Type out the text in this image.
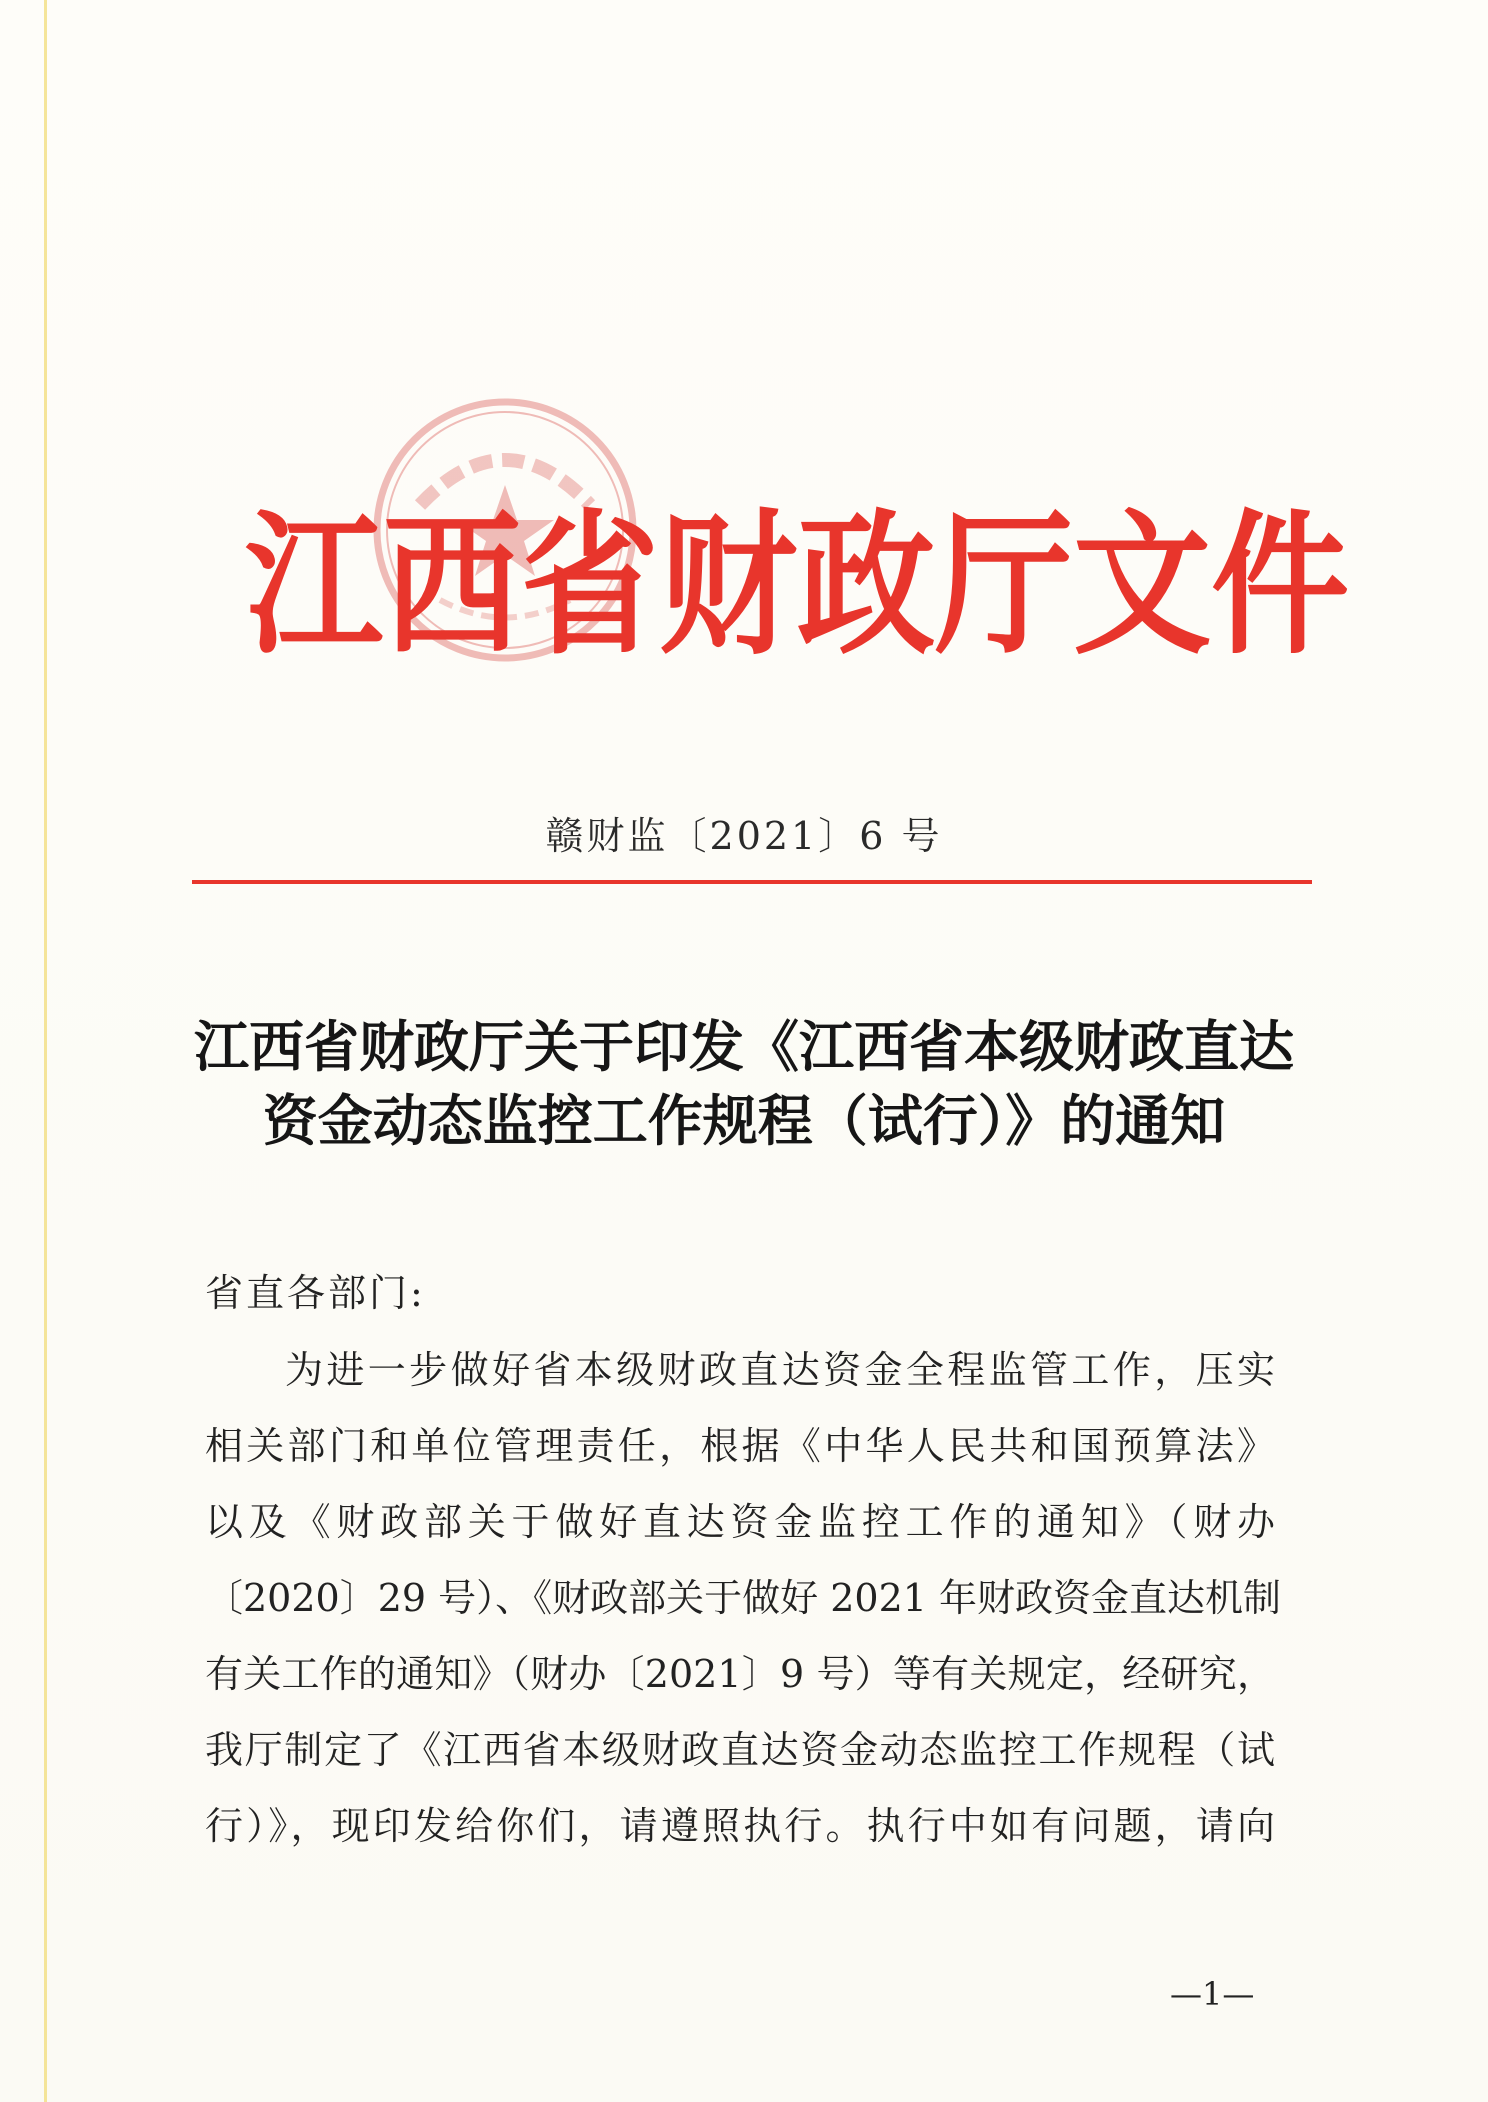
江 西 省 财 政 厅 文 件
赣财监〔2021〕6 号
江西省财政厅关于印发《江西省本级财政直达
资金动态监控工作规程（试行）》的通知
省直各部门:
为进一步做好省本级财政直达资金全程监管工作，压实
相关部门和单位管理责任，根据《中华人民共和国预算法》
以及《财政部关于做好直达资金监控工作的通知》（财办
〔2020〕29 号）、《财政部关于做好 2021 年财政资金直达机制
有关工作的通知》（财办〔2021〕9 号）等有关规定，经研究，
我厅制定了《江西省本级财政直达资金动态监控工作规程（试
行）》，现印发给你们，请遵照执行。执行中如有问题，请向
—1—
